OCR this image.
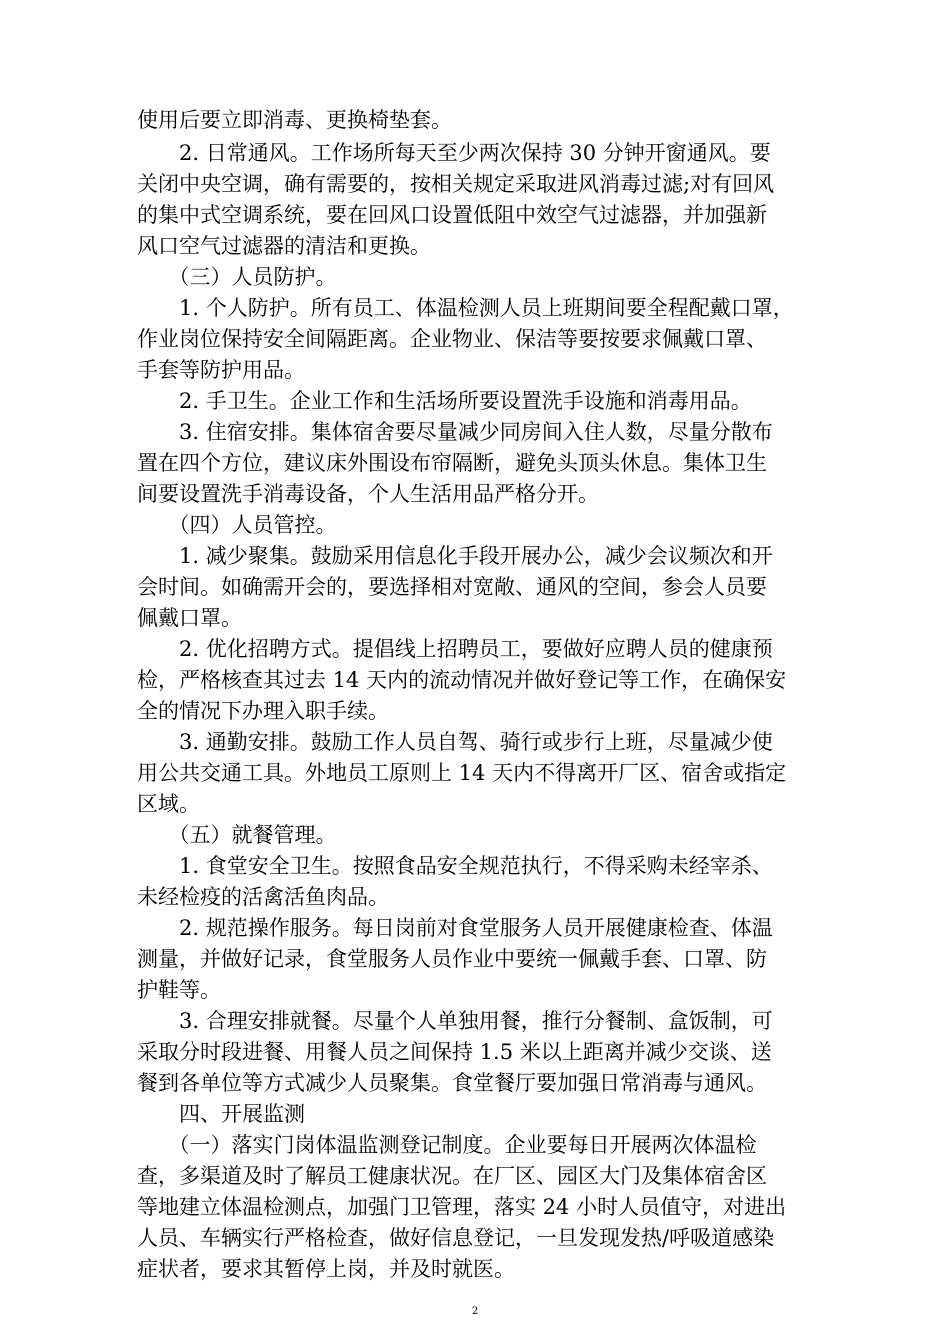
使用后要立即消毒、更换椅垫套。
　　2. 日常通风。工作场所每天至少两次保持 30 分钟开窗通风。要
关闭中央空调，确有需要的，按相关规定采取进风消毒过滤;对有回风
的集中式空调系统，要在回风口设置低阻中效空气过滤器，并加强新
风口空气过滤器的清洁和更换。
　　（三）人员防护。
　　1. 个人防护。所有员工、体温检测人员上班期间要全程配戴口罩，
作业岗位保持安全间隔距离。企业物业、保洁等要按要求佩戴口罩、
手套等防护用品。
　　2. 手卫生。企业工作和生活场所要设置洗手设施和消毒用品。
　　3. 住宿安排。集体宿舍要尽量减少同房间入住人数，尽量分散布
置在四个方位，建议床外围设布帘隔断，避免头顶头休息。集体卫生
间要设置洗手消毒设备，个人生活用品严格分开。
　　（四）人员管控。
　　1. 减少聚集。鼓励采用信息化手段开展办公，减少会议频次和开
会时间。如确需开会的，要选择相对宽敞、通风的空间，参会人员要
佩戴口罩。
　　2. 优化招聘方式。提倡线上招聘员工，要做好应聘人员的健康预
检，严格核查其过去 14 天内的流动情况并做好登记等工作，在确保安
全的情况下办理入职手续。
　　3. 通勤安排。鼓励工作人员自驾、骑行或步行上班，尽量减少使
用公共交通工具。外地员工原则上 14 天内不得离开厂区、宿舍或指定
区域。
　　（五）就餐管理。
　　1. 食堂安全卫生。按照食品安全规范执行，不得采购未经宰杀、
未经检疫的活禽活鱼肉品。
　　2. 规范操作服务。每日岗前对食堂服务人员开展健康检查、体温
测量，并做好记录，食堂服务人员作业中要统一佩戴手套、口罩、防
护鞋等。
　　3. 合理安排就餐。尽量个人单独用餐，推行分餐制、盒饭制，可
采取分时段进餐、用餐人员之间保持 1.5 米以上距离并减少交谈、送
餐到各单位等方式减少人员聚集。食堂餐厅要加强日常消毒与通风。
　　四、开展监测
　　（一）落实门岗体温监测登记制度。企业要每日开展两次体温检
查，多渠道及时了解员工健康状况。在厂区、园区大门及集体宿舍区
等地建立体温检测点，加强门卫管理，落实 24 小时人员值守，对进出
人员、车辆实行严格检查，做好信息登记，一旦发现发热/呼吸道感染
症状者，要求其暂停上岗，并及时就医。
2
